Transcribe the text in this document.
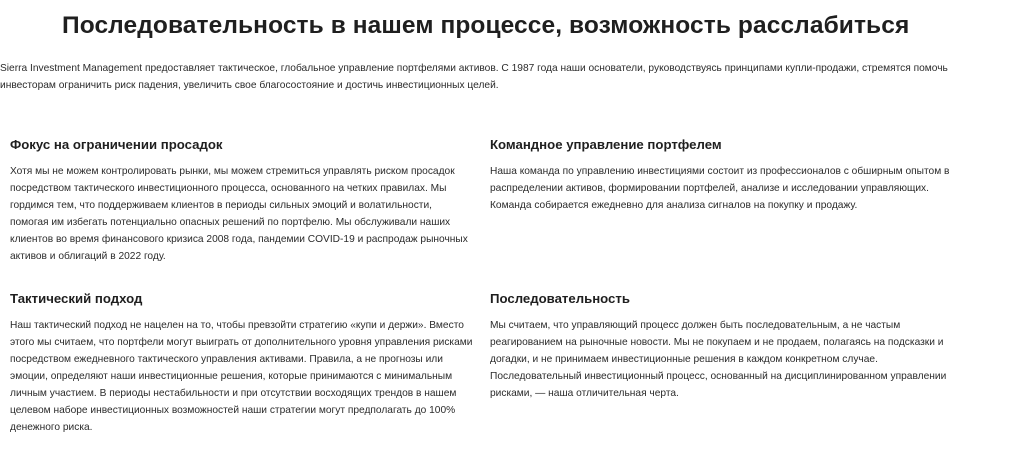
Последовательность в нашем процессе, возможность расслабиться

Sierra Investment Management предоставляет тактическое, глобальное управление портфелями активов. С 1987 года наши основатели, руководствуясь принципами купли-продажи, стремятся помочь инвесторам ограничить риск падения, увеличить свое благосостояние и достичь инвестиционных целей.

Фокус на ограничении просадок

Хотя мы не можем контролировать рынки, мы можем стремиться управлять риском просадок посредством тактического инвестиционного процесса, основанного на четких правилах. Мы гордимся тем, что поддерживаем клиентов в периоды сильных эмоций и волатильности, помогая им избегать потенциально опасных решений по портфелю. Мы обслуживали наших клиентов во время финансового кризиса 2008 года, пандемии COVID-19 и распродаж рыночных активов и облигаций в 2022 году.

Командное управление портфелем

Наша команда по управлению инвестициями состоит из профессионалов с обширным опытом в распределении активов, формировании портфелей, анализе и исследовании управляющих. Команда собирается ежедневно для анализа сигналов на покупку и продажу.

Тактический подход

Наш тактический подход не нацелен на то, чтобы превзойти стратегию «купи и держи». Вместо этого мы считаем, что портфели могут выиграть от дополнительного уровня управления рисками посредством ежедневного тактического управления активами. Правила, а не прогнозы или эмоции, определяют наши инвестиционные решения, которые принимаются с минимальным личным участием. В периоды нестабильности и при отсутствии восходящих трендов в нашем целевом наборе инвестиционных возможностей наши стратегии могут предполагать до 100% денежного риска.

Последовательность

Мы считаем, что управляющий процесс должен быть последовательным, а не частым реагированием на рыночные новости. Мы не покупаем и не продаем, полагаясь на подсказки и догадки, и не принимаем инвестиционные решения в каждом конкретном случае. Последовательный инвестиционный процесс, основанный на дисциплинированном управлении рисками, — наша отличительная черта.
